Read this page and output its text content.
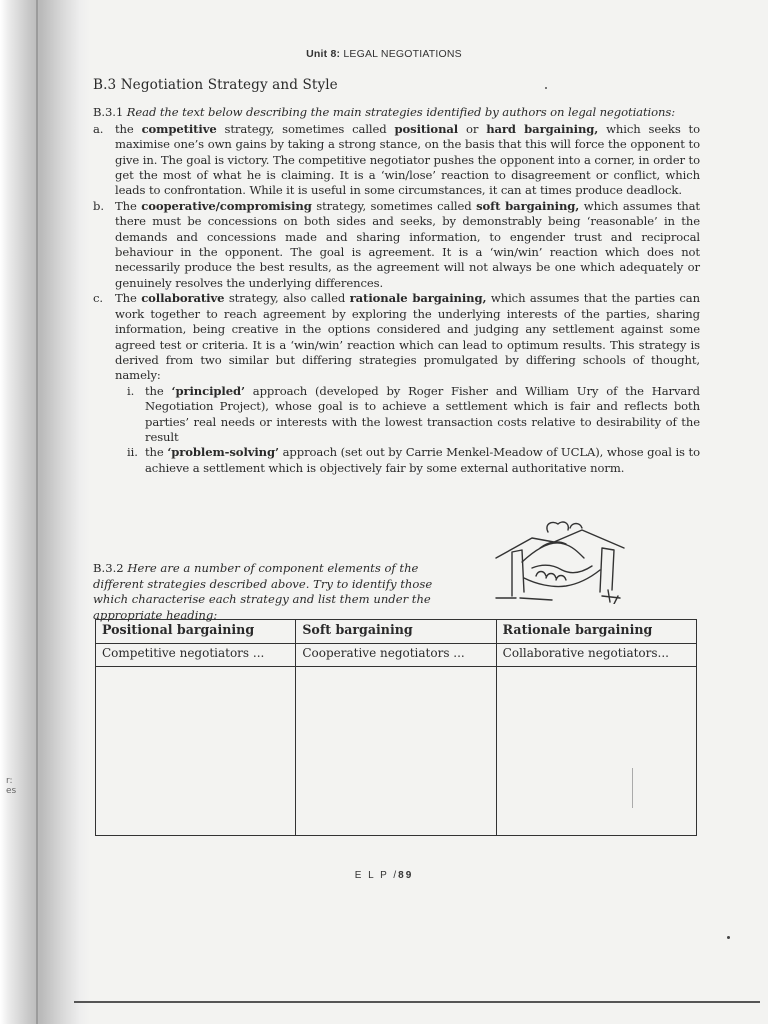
r:
es
Unit 8: LEGAL NEGOTIATIONS
B.3 Negotiation Strategy and Style

B.3.1 Read the text below describing the main strategies identified by authors on legal negotiations:

a. the competitive strategy, sometimes called positional or hard bargaining, which seeks to maximise one’s own gains by taking a strong stance, on the basis that this will force the opponent to give in. The goal is victory. The competitive negotiator pushes the opponent into a corner, in order to get the most of what he is claiming. It is a ‘win/lose’ reaction to disagreement or conflict, which leads to confrontation. While it is useful in some circumstances, it can at times produce deadlock.

b. The cooperative/compromising strategy, sometimes called soft bargaining, which assumes that there must be concessions on both sides and seeks, by demonstrably being ‘reasonable’ in the demands and concessions made and sharing information, to engender trust and reciprocal behaviour in the opponent. The goal is agreement. It is a ‘win/win’ reaction which does not necessarily produce the best results, as the agreement will not always be one which adequately or genuinely resolves the underlying differences.

c. The collaborative strategy, also called rationale bargaining, which assumes that the parties can work together to reach agreement by exploring the underlying interests of the parties, sharing information, being creative in the options considered and judging any settlement against some agreed test or criteria. It is a ‘win/win’ reaction which can lead to optimum results. This strategy is derived from two similar but differing strategies promulgated by differing schools of thought, namely:

i. the ‘principled’ approach (developed by Roger Fisher and William Ury of the Harvard Negotiation Project), whose goal is to achieve a settlement which is fair and reflects both parties’ real needs or interests with the lowest transaction costs relative to desirability of the result

ii. the ‘problem-solving’ approach (set out by Carrie Menkel-Meadow of UCLA), whose goal is to achieve a settlement which is objectively fair by some external authoritative norm.

B.3.2 Here are a number of component elements of the different strategies described above. Try to identify those which characterise each strategy and list them under the appropriate heading:
Positional bargaining	Soft bargaining	Rationale bargaining
Competitive negotiators ...	Cooperative negotiators ...	Collaborative negotiators...

E L P /89
